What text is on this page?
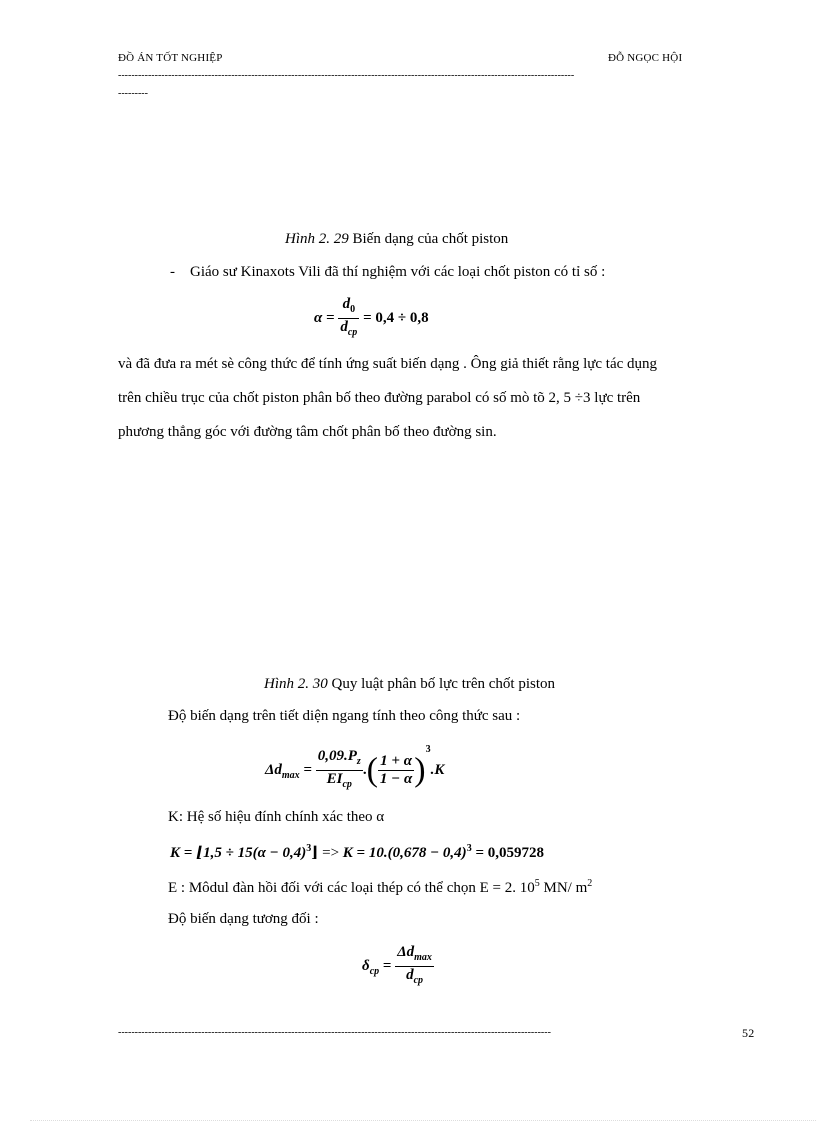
ĐỒ ÁN TỐT NGHIỆP	ĐỖ NGỌC HỘI
-----------------------------------------------------------------------------------------------------------------------------------------
---------
Hình 2. 29 Biến dạng của chốt piston
- Giáo sư Kinaxots Vili đã thí nghiệm với các loại chốt piston có tỉ số :
$\alpha = \frac{d_0}{d_{cp}} = 0,4 \div 0,8$
và đã đưa ra mét sè công thức để tính ứng suất biến dạng . Ông giả thiết rằng lực tác dụng
trên chiều trục của chốt piston phân bố theo đường parabol có số mò tõ 2, 5 ÷3 lực trên
phương thẳng góc với đường tâm chốt phân bố theo đường sin.
Hình 2. 30 Quy luật phân bố lực trên chốt piston
Độ biến dạng trên tiết diện ngang tính theo công thức sau :
$\Delta d_{max} = \frac{0,09.P_z}{EI_{cp}}$ .( $\frac{1 + \alpha}{1 - \alpha} )^3.K$
K: Hệ số hiệu đính chính xác theo α
K = ⌊1,5 ÷ $15(\alpha - 0,4)^3⌋ => K = 10.(0,678 - 0,4)^3 = 0,059728$
E : Môdul đàn hồi đối với các loại thép có thể chọn E = 2. $10^5$ MN/ $m^2$
Độ biến dạng tương đối :
$\delta_{cp} = \frac{\Delta d_{max}}{d_{cp}}$
----------------------------------------------------------------------------------------------------------------------------------	52
